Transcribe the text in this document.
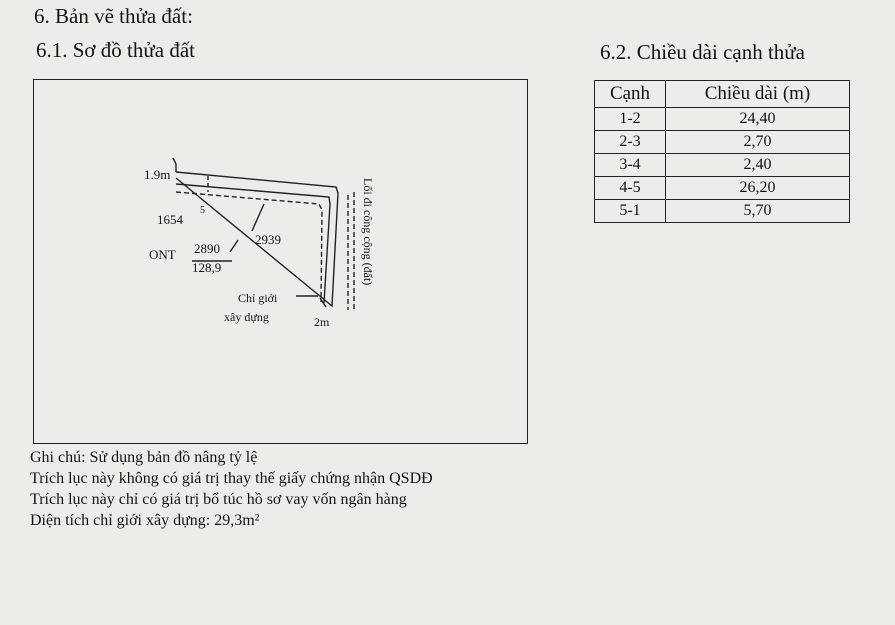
6. Bản vẽ thửa đất:
6.1. Sơ đồ thửa đất	6.2. Chiều dài cạnh thửa
1.9m
1654
5
2939
ONT 2890
128,9	Lối đi công cộng (đất)
Chỉ giới
xây dựng	2m
Cạnh	Chiều dài (m)
1-2	24,40
2-3	2,70
3-4	2,40
4-5	26,20
5-1	5,70
Ghi chú: Sử dụng bản đồ nâng tỷ lệ
Trích lục này không có giá trị thay thế giấy chứng nhận QSDĐ
Trích lục này chỉ có giá trị bổ túc hồ sơ vay vốn ngân hàng
Diện tích chỉ giới xây dựng: 29,3m²
